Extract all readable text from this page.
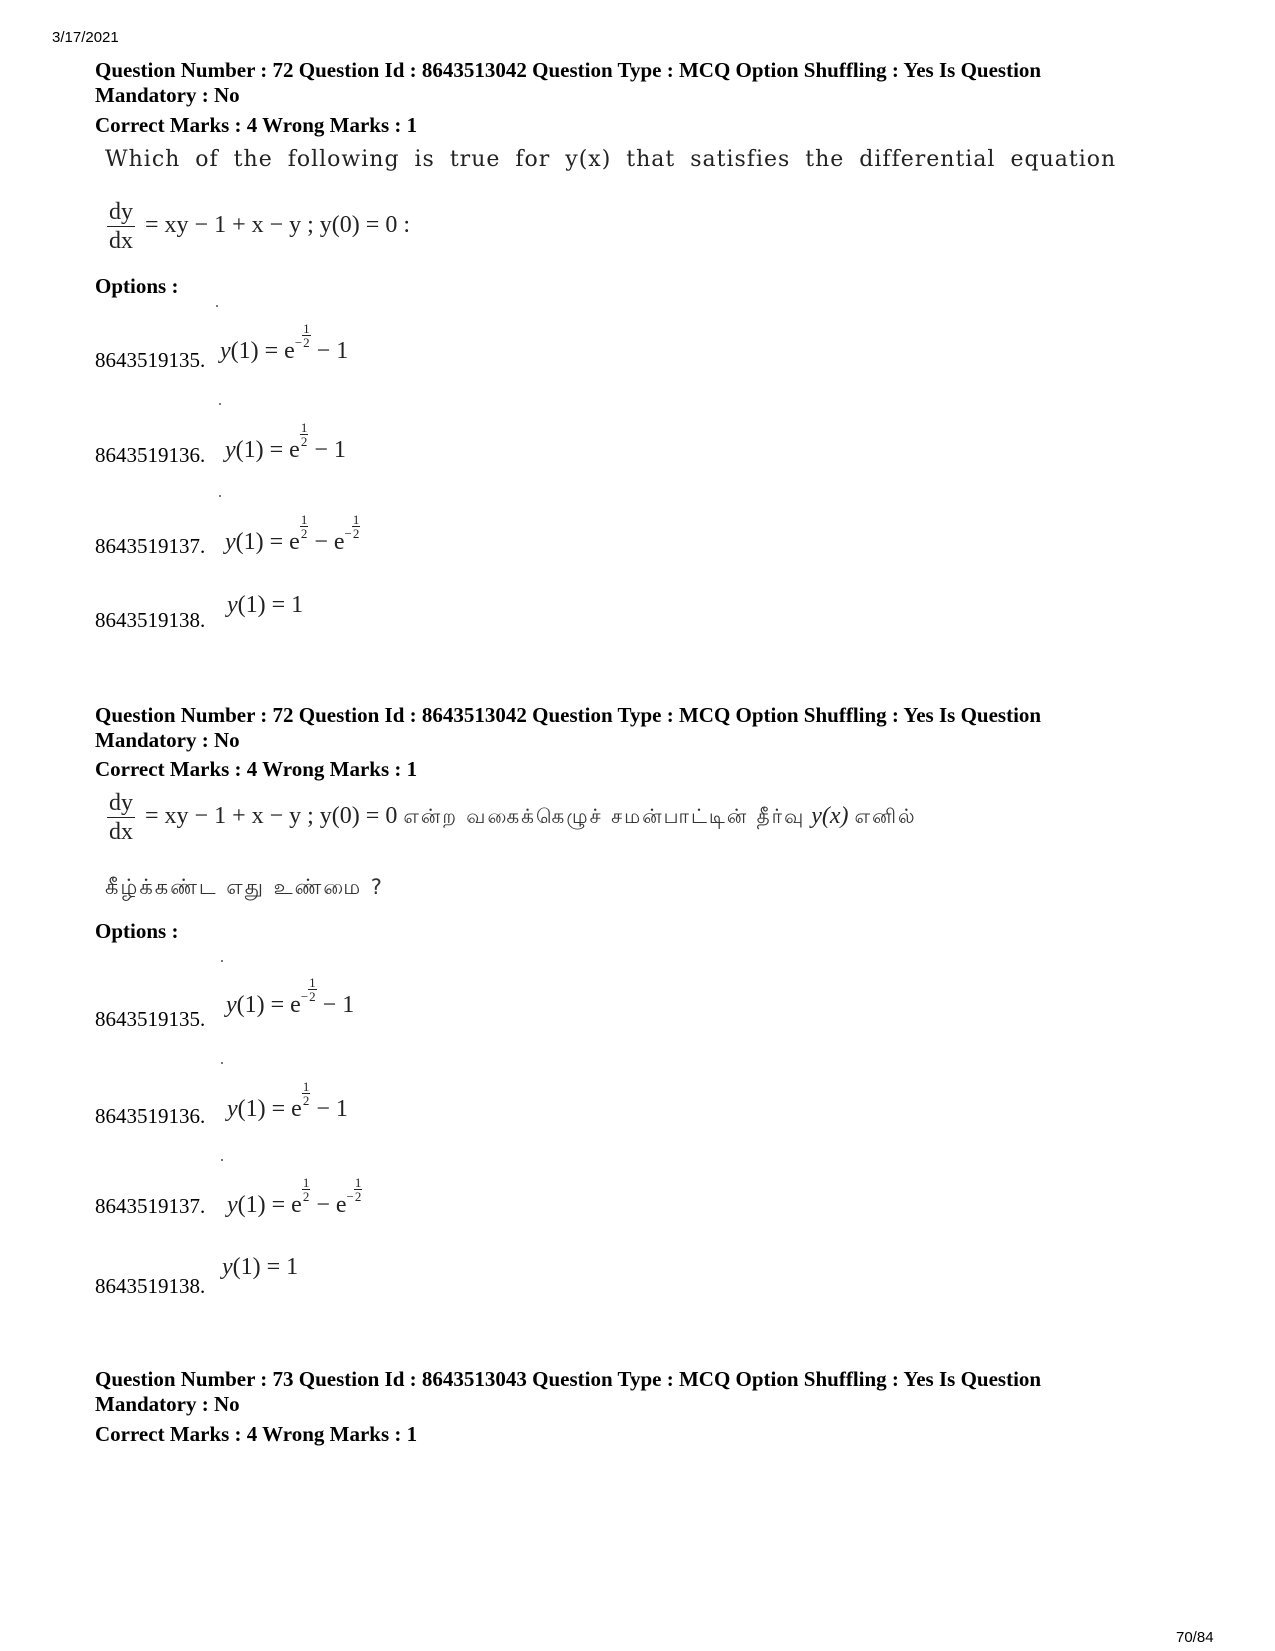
3/17/2021
Question Number : 72 Question Id : 8643513042 Question Type : MCQ Option Shuffling : Yes Is Question
Mandatory : No
Correct Marks : 4 Wrong Marks : 1
Which of the following is true for y(x) that satisfies the differential equation
$\frac{dy}{dx}$ = xy − 1 + x − y ; y(0) = 0 :
Options :
8643519135. $y(1) = e- \frac{1}{2}$
− 1
8643519136. y(1) = e
$\frac{1}{2}$
− 1
8643519137. y(1) = e
$\frac{1}{2}$
− $e- \frac{1}{2}$
8643519138.
y(1) = 1
Question Number : 72 Question Id : 8643513042 Question Type : MCQ Option Shuffling : Yes Is Question
Mandatory : No
Correct Marks : 4 Wrong Marks : 1
$\frac{dy}{dx}$ = xy − 1 + x − y ; y(0) = 0 என்ற வகைக்கெழுச் சமன்பாட்டின் தீர்வு y(x) எனில்
கீழ்க்கண்ட எது உண்மை ?
Options :
8643519135.
$y(1) = e- \frac{1}{2}$
− 1
8643519136. y(1) = e
$\frac{1}{2}$
− 1
8643519137. y(1) = e
$\frac{1}{2}$
− $e- \frac{1}{2}$
8643519138.
y(1) = 1
Question Number : 73 Question Id : 8643513043 Question Type : MCQ Option Shuffling : Yes Is Question
Mandatory : No
Correct Marks : 4 Wrong Marks : 1
70/84
